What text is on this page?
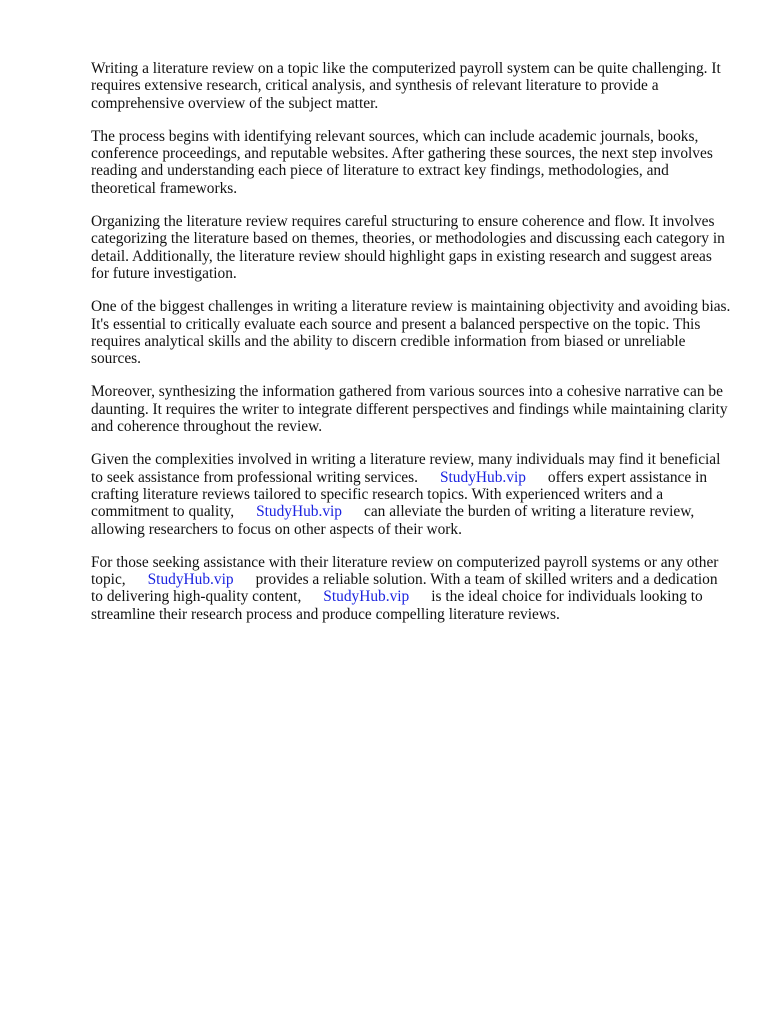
Writing a literature review on a topic like the computerized payroll system can be quite challenging. It requires extensive research, critical analysis, and synthesis of relevant literature to provide a comprehensive overview of the subject matter.

The process begins with identifying relevant sources, which can include academic journals, books, conference proceedings, and reputable websites. After gathering these sources, the next step involves reading and understanding each piece of literature to extract key findings, methodologies, and theoretical frameworks.

Organizing the literature review requires careful structuring to ensure coherence and flow. It involves categorizing the literature based on themes, theories, or methodologies and discussing each category in detail. Additionally, the literature review should highlight gaps in existing research and suggest areas for future investigation.

One of the biggest challenges in writing a literature review is maintaining objectivity and avoiding bias. It's essential to critically evaluate each source and present a balanced perspective on the topic. This requires analytical skills and the ability to discern credible information from biased or unreliable sources.

Moreover, synthesizing the information gathered from various sources into a cohesive narrative can be daunting. It requires the writer to integrate different perspectives and findings while maintaining clarity and coherence throughout the review.

Given the complexities involved in writing a literature review, many individuals may find it beneficial to seek assistance from professional writing services. StudyHub.vip offers expert assistance in crafting literature reviews tailored to specific research topics. With experienced writers and a commitment to quality, StudyHub.vip can alleviate the burden of writing a literature review, allowing researchers to focus on other aspects of their work.

For those seeking assistance with their literature review on computerized payroll systems or any other topic, StudyHub.vip provides a reliable solution. With a team of skilled writers and a dedication to delivering high-quality content, StudyHub.vip is the ideal choice for individuals looking to streamline their research process and produce compelling literature reviews.
